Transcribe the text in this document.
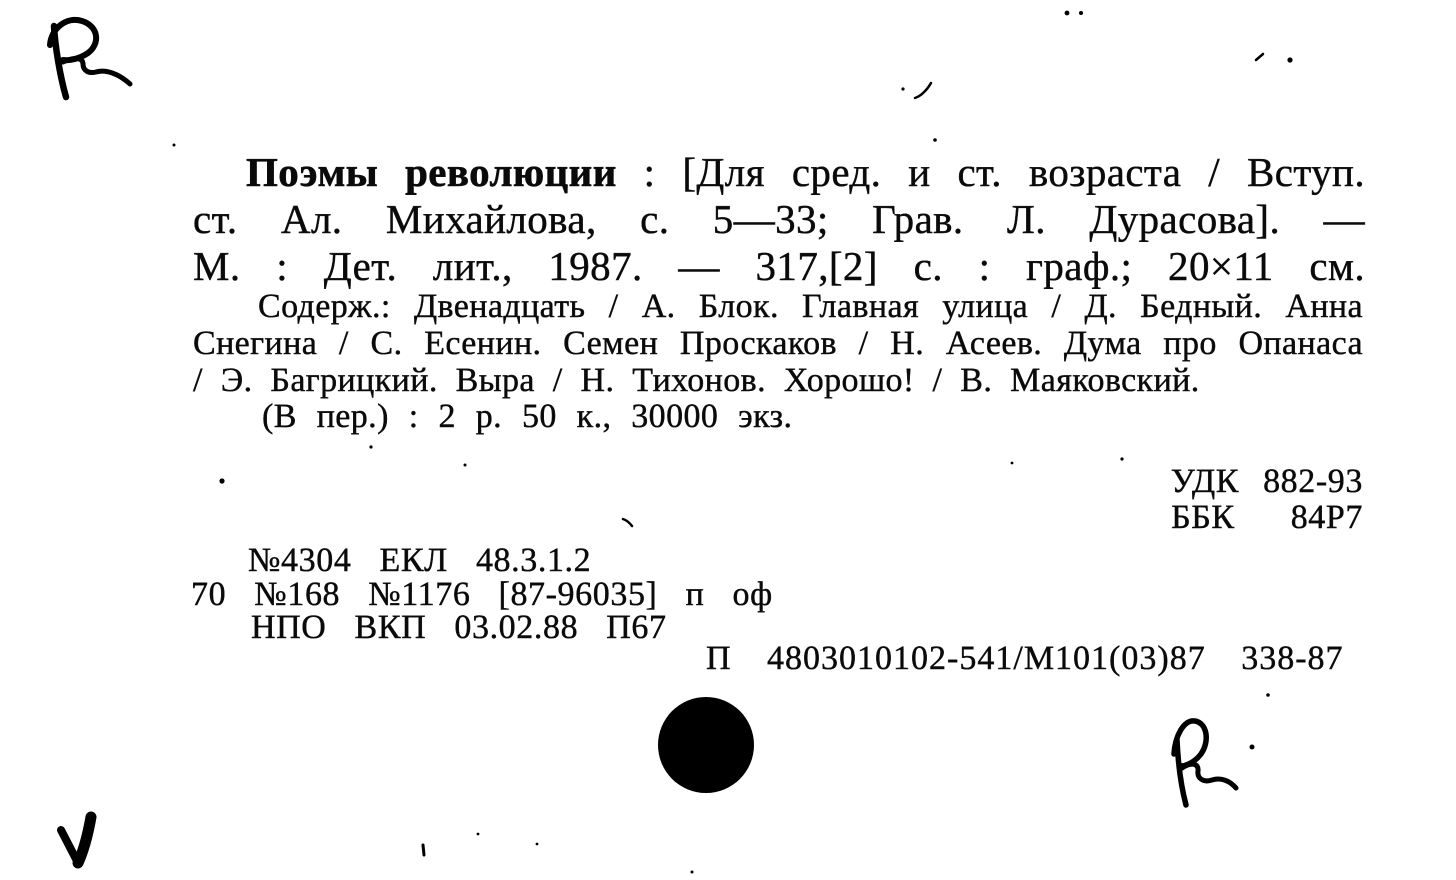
Поэмы революции : [Для сред. и ст. возраста / Вступ.
ст. Ал. Михайлова, с. 5—33; Грав. Л. Дурасова]. —
М. : Дет. лит., 1987. — 317,[2] с. : граф.; 20×11 см.
Содерж.: Двенадцать / А. Блок. Главная улица / Д. Бедный. Анна
Снегина / С. Есенин. Семен Проскаков / Н. Асеев. Дума про Опанаса
/ Э. Багрицкий. Выра / Н. Тихонов. Хорошо! / В. Маяковский.
(В пер.) : 2 р. 50 к., 30000 экз.
УДК 882-93
ББК 84Р7
№4304 ЕКЛ 48.3.1.2
70 №168 №1176 [87-96035] п оф
НПО ВКП 03.02.88 П67
П 4803010102-541/М101(03)87 338-87
